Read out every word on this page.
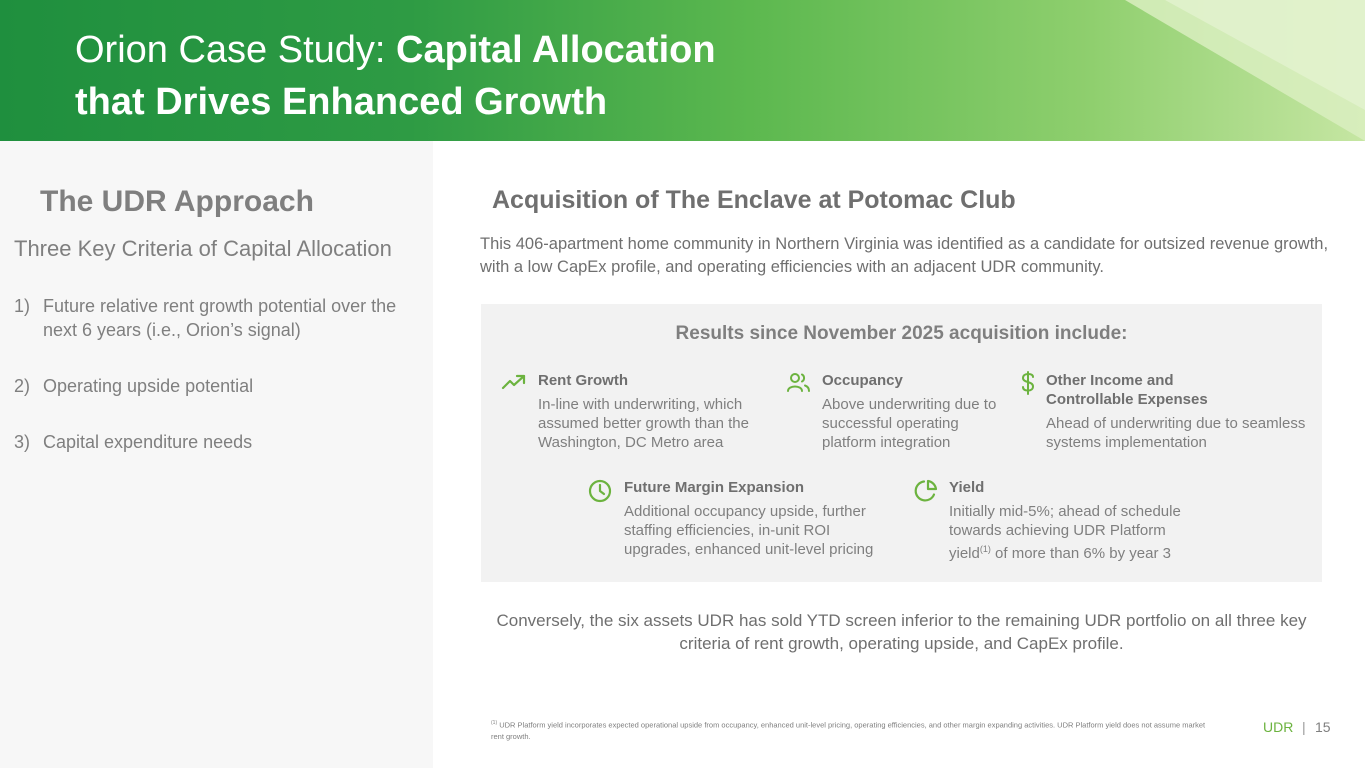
Orion Case Study: Capital Allocation
that Drives Enhanced Growth
The UDR Approach
Three Key Criteria of Capital Allocation
1) Future relative rent growth potential over the next 6 years (i.e., Orion’s signal)
2) Operating upside potential
3) Capital expenditure needs
Acquisition of The Enclave at Potomac Club
This 406-apartment home community in Northern Virginia was identified as a candidate for outsized revenue growth, with a low CapEx profile, and operating efficiencies with an adjacent UDR community.
Results since November 2025 acquisition include:
Rent Growth
In-line with underwriting, which assumed better growth than the Washington, DC Metro area
Occupancy
Above underwriting due to successful operating platform integration
Other Income and Controllable Expenses
Ahead of underwriting due to seamless systems implementation
Future Margin Expansion
Additional occupancy upside, further staffing efficiencies, in-unit ROI upgrades, enhanced unit-level pricing
Yield
Initially mid-5%; ahead of schedule towards achieving UDR Platform yield$^{(1)}$ of more than 6% by year 3
Conversely, the six assets UDR has sold YTD screen inferior to the remaining UDR portfolio on all three key criteria of rent growth, operating upside, and CapEx profile.
$^{(1)}$ UDR Platform yield incorporates expected operational upside from occupancy, enhanced unit-level pricing, operating efficiencies, and other margin expanding activities. UDR Platform yield does not assume market rent growth.
UDR | 15
